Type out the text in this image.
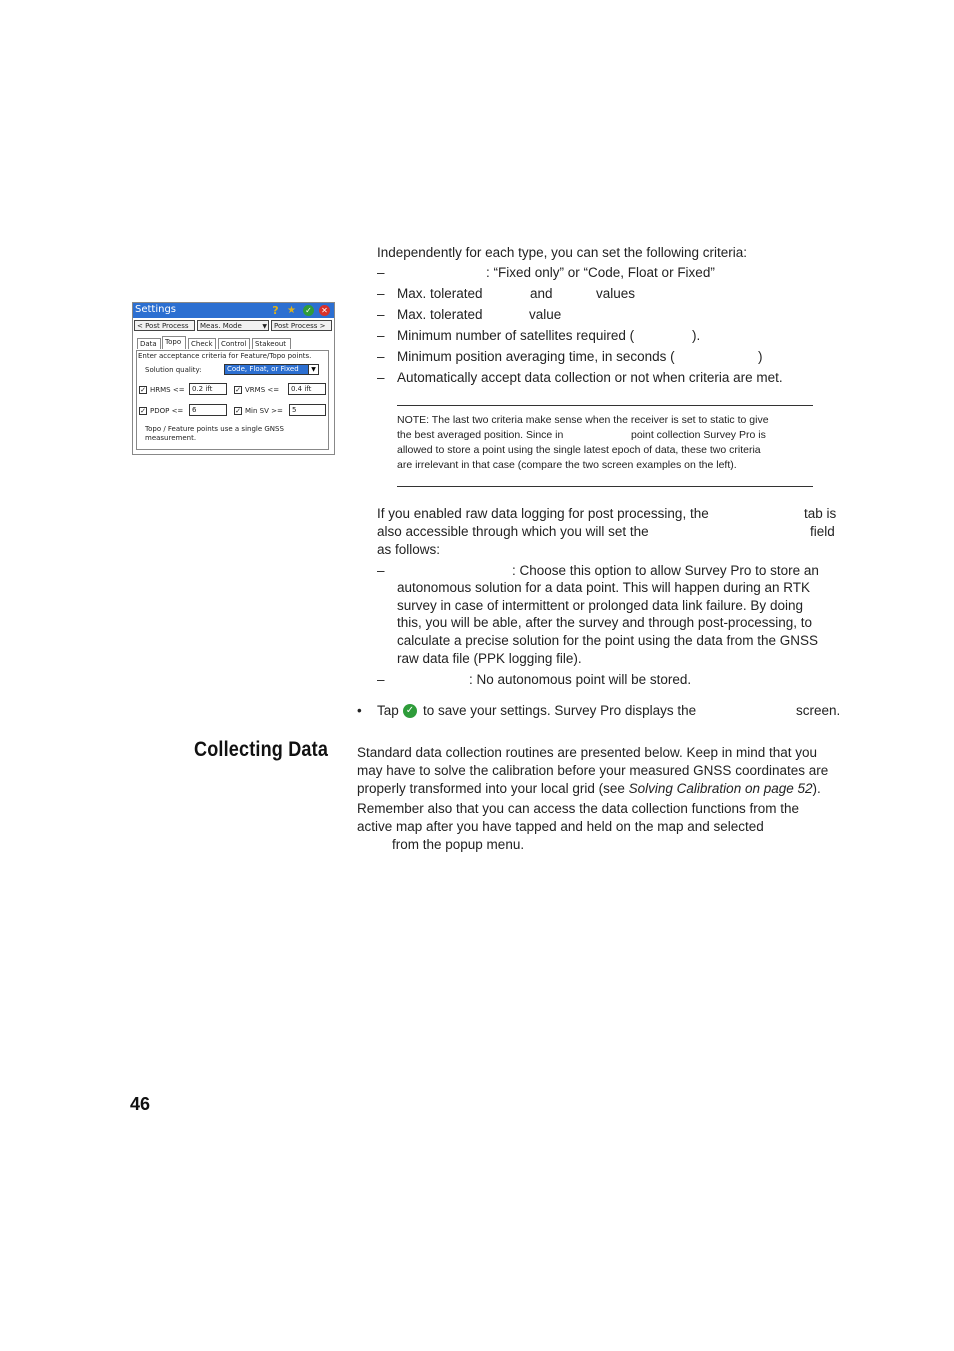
Settings	? ★ ✓ ✕
< Post Process	Meas. Mode	▼	Post Process >
Data	Topo	Check	Control	Stakeout
Enter acceptance criteria for Feature/Topo points.
Solution quality:	Code, Float, or Fixed	▼
✓ HRMS <=	0.2 ift	✓ VRMS <=	0.4 ift
✓ PDOP <=	6	✓ Min SV >=	5
Topo / Feature points use a single GNSS
measurement.
Independently for each type, you can set the following criteria:
–	: “Fixed only” or “Code, Float or Fixed”
– Max. tolerated	and	values
– Max. tolerated	value
– Minimum number of satellites required (	).
– Minimum position averaging time, in seconds (	)
– Automatically accept data collection or not when criteria are met.
NOTE: The last two criteria make sense when the receiver is set to static to give
the best averaged position. Since in	point collection Survey Pro is
allowed to store a point using the single latest epoch of data, these two criteria
are irrelevant in that case (compare the two screen examples on the left).
If you enabled raw data logging for post processing, the	tab is
also accessible through which you will set the	field
as follows:
–	: Choose this option to allow Survey Pro to store an
autonomous solution for a data point. This will happen during an RTK
survey in case of intermittent or prolonged data link failure. By doing
this, you will be able, after the survey and through post-processing, to
calculate a precise solution for the point using the data from the GNSS
raw data file (PPK logging file).
–	: No autonomous point will be stored.
• Tap ✓ to save your settings. Survey Pro displays the	screen.
Collecting Data Standard data collection routines are presented below. Keep in mind that you
may have to solve the calibration before your measured GNSS coordinates are
properly transformed into your local grid (see Solving Calibration on page 52).
Remember also that you can access the data collection functions from the
active map after you have tapped and held on the map and selected
from the popup menu.
46
